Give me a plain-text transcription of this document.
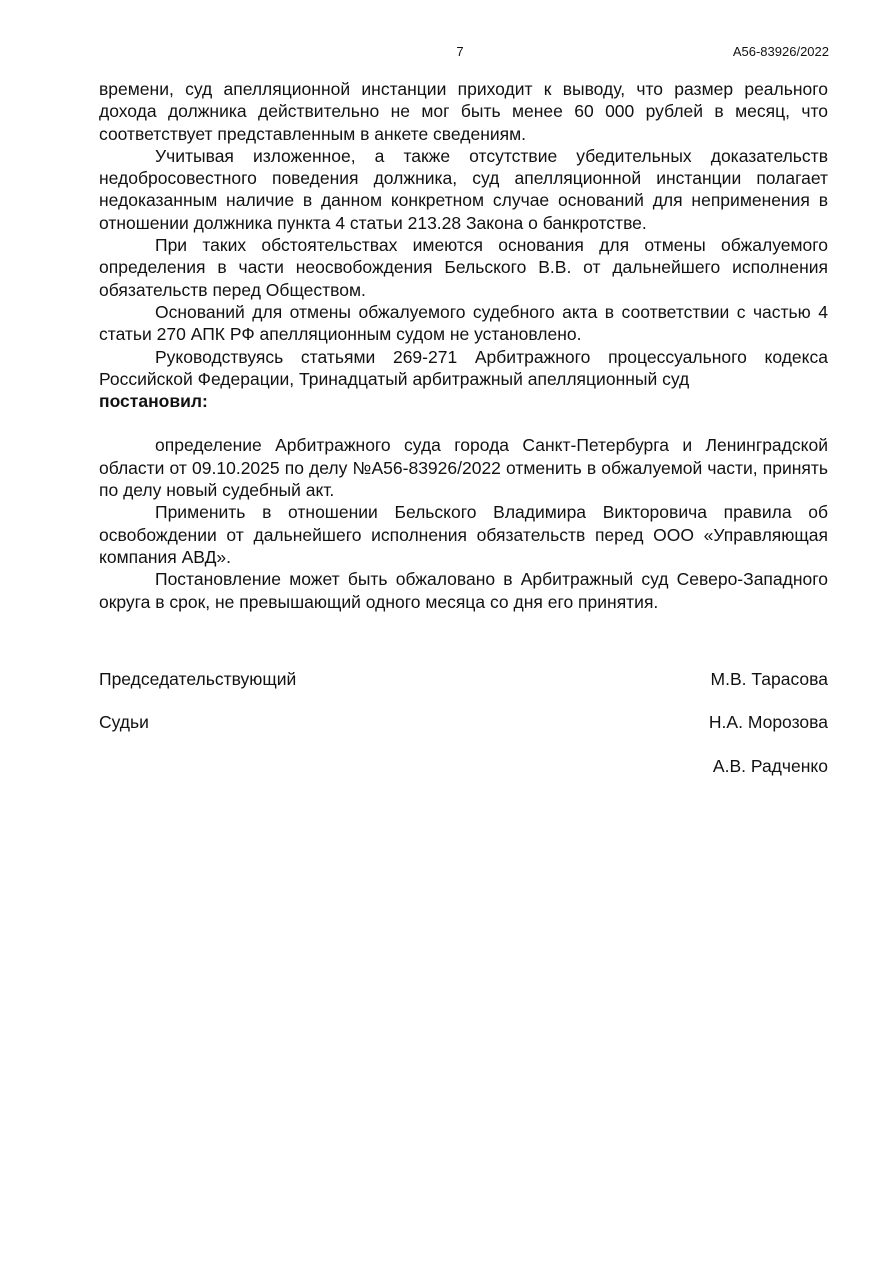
7	А56-83926/2022

времени, суд апелляционной инстанции приходит к выводу, что размер реального дохода должника действительно не мог быть менее 60 000 рублей в месяц, что соответствует представленным в анкете сведениям.

Учитывая изложенное, а также отсутствие убедительных доказательств недобросовестного поведения должника, суд апелляционной инстанции полагает недоказанным наличие в данном конкретном случае оснований для неприменения в отношении должника пункта 4 статьи 213.28 Закона о банкротстве.

При таких обстоятельствах имеются основания для отмены обжалуемого определения в части неосвобождения Бельского В.В. от дальнейшего исполнения обязательств перед Обществом.

Оснований для отмены обжалуемого судебного акта в соответствии с частью 4 статьи 270 АПК РФ апелляционным судом не установлено.

Руководствуясь статьями 269-271 Арбитражного процессуального кодекса Российской Федерации, Тринадцатый арбитражный апелляционный суд

постановил:

определение Арбитражного суда города Санкт-Петербурга и Ленинградской области от 09.10.2025 по делу №А56-83926/2022 отменить в обжалуемой части, принять по делу новый судебный акт.

Применить в отношении Бельского Владимира Викторовича правила об освобождении от дальнейшего исполнения обязательств перед ООО «Управляющая компания АВД».

Постановление может быть обжаловано в Арбитражный суд Северо-Западного округа в срок, не превышающий одного месяца со дня его принятия.

Председательствующий	М.В. Тарасова
Судьи	Н.А. Морозова
А.В. Радченко
